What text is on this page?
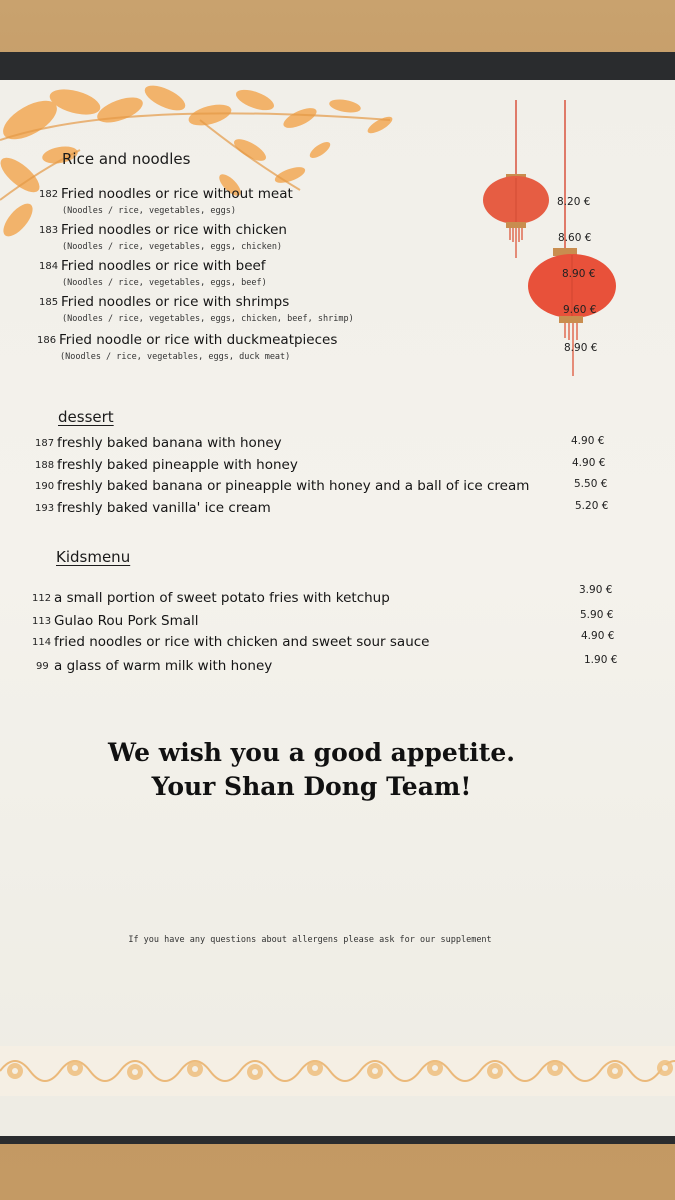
Rice and noodles
182 Fried noodles or rice without meat
(Noodles / rice, vegetables, eggs)
8.20 €
183 Fried noodles or rice with chicken
(Noodles / rice, vegetables, eggs, chicken)
8.60 €
184 Fried noodles or rice with beef
(Noodles / rice, vegetables, eggs, beef)
8.90 €
185 Fried noodles or rice with shrimps
(Noodles / rice, vegetables, eggs, chicken, beef, shrimp)
9.60 €
186 Fried noodle or rice with duckmeatpieces
(Noodles / rice, vegetables, eggs, duck meat)
8.90 €
dessert
187 freshly baked banana with honey	4.90 €
188 freshly baked pineapple with honey	4.90 €
190 freshly baked banana or pineapple with honey and a ball of ice cream	5.50 €
193 freshly baked vanilla' ice cream	5.20 €
Kidsmenu
112 a small portion of sweet potato fries with ketchup	3.90 €
113 Gulao Rou Pork Small	5.90 €
114 fried noodles or rice with chicken and sweet sour sauce	4.90 €
99 a glass of warm milk with honey	1.90 €
We wish you a good appetite.
Your Shan Dong Team!
If you have any questions about allergens please ask for our supplement
